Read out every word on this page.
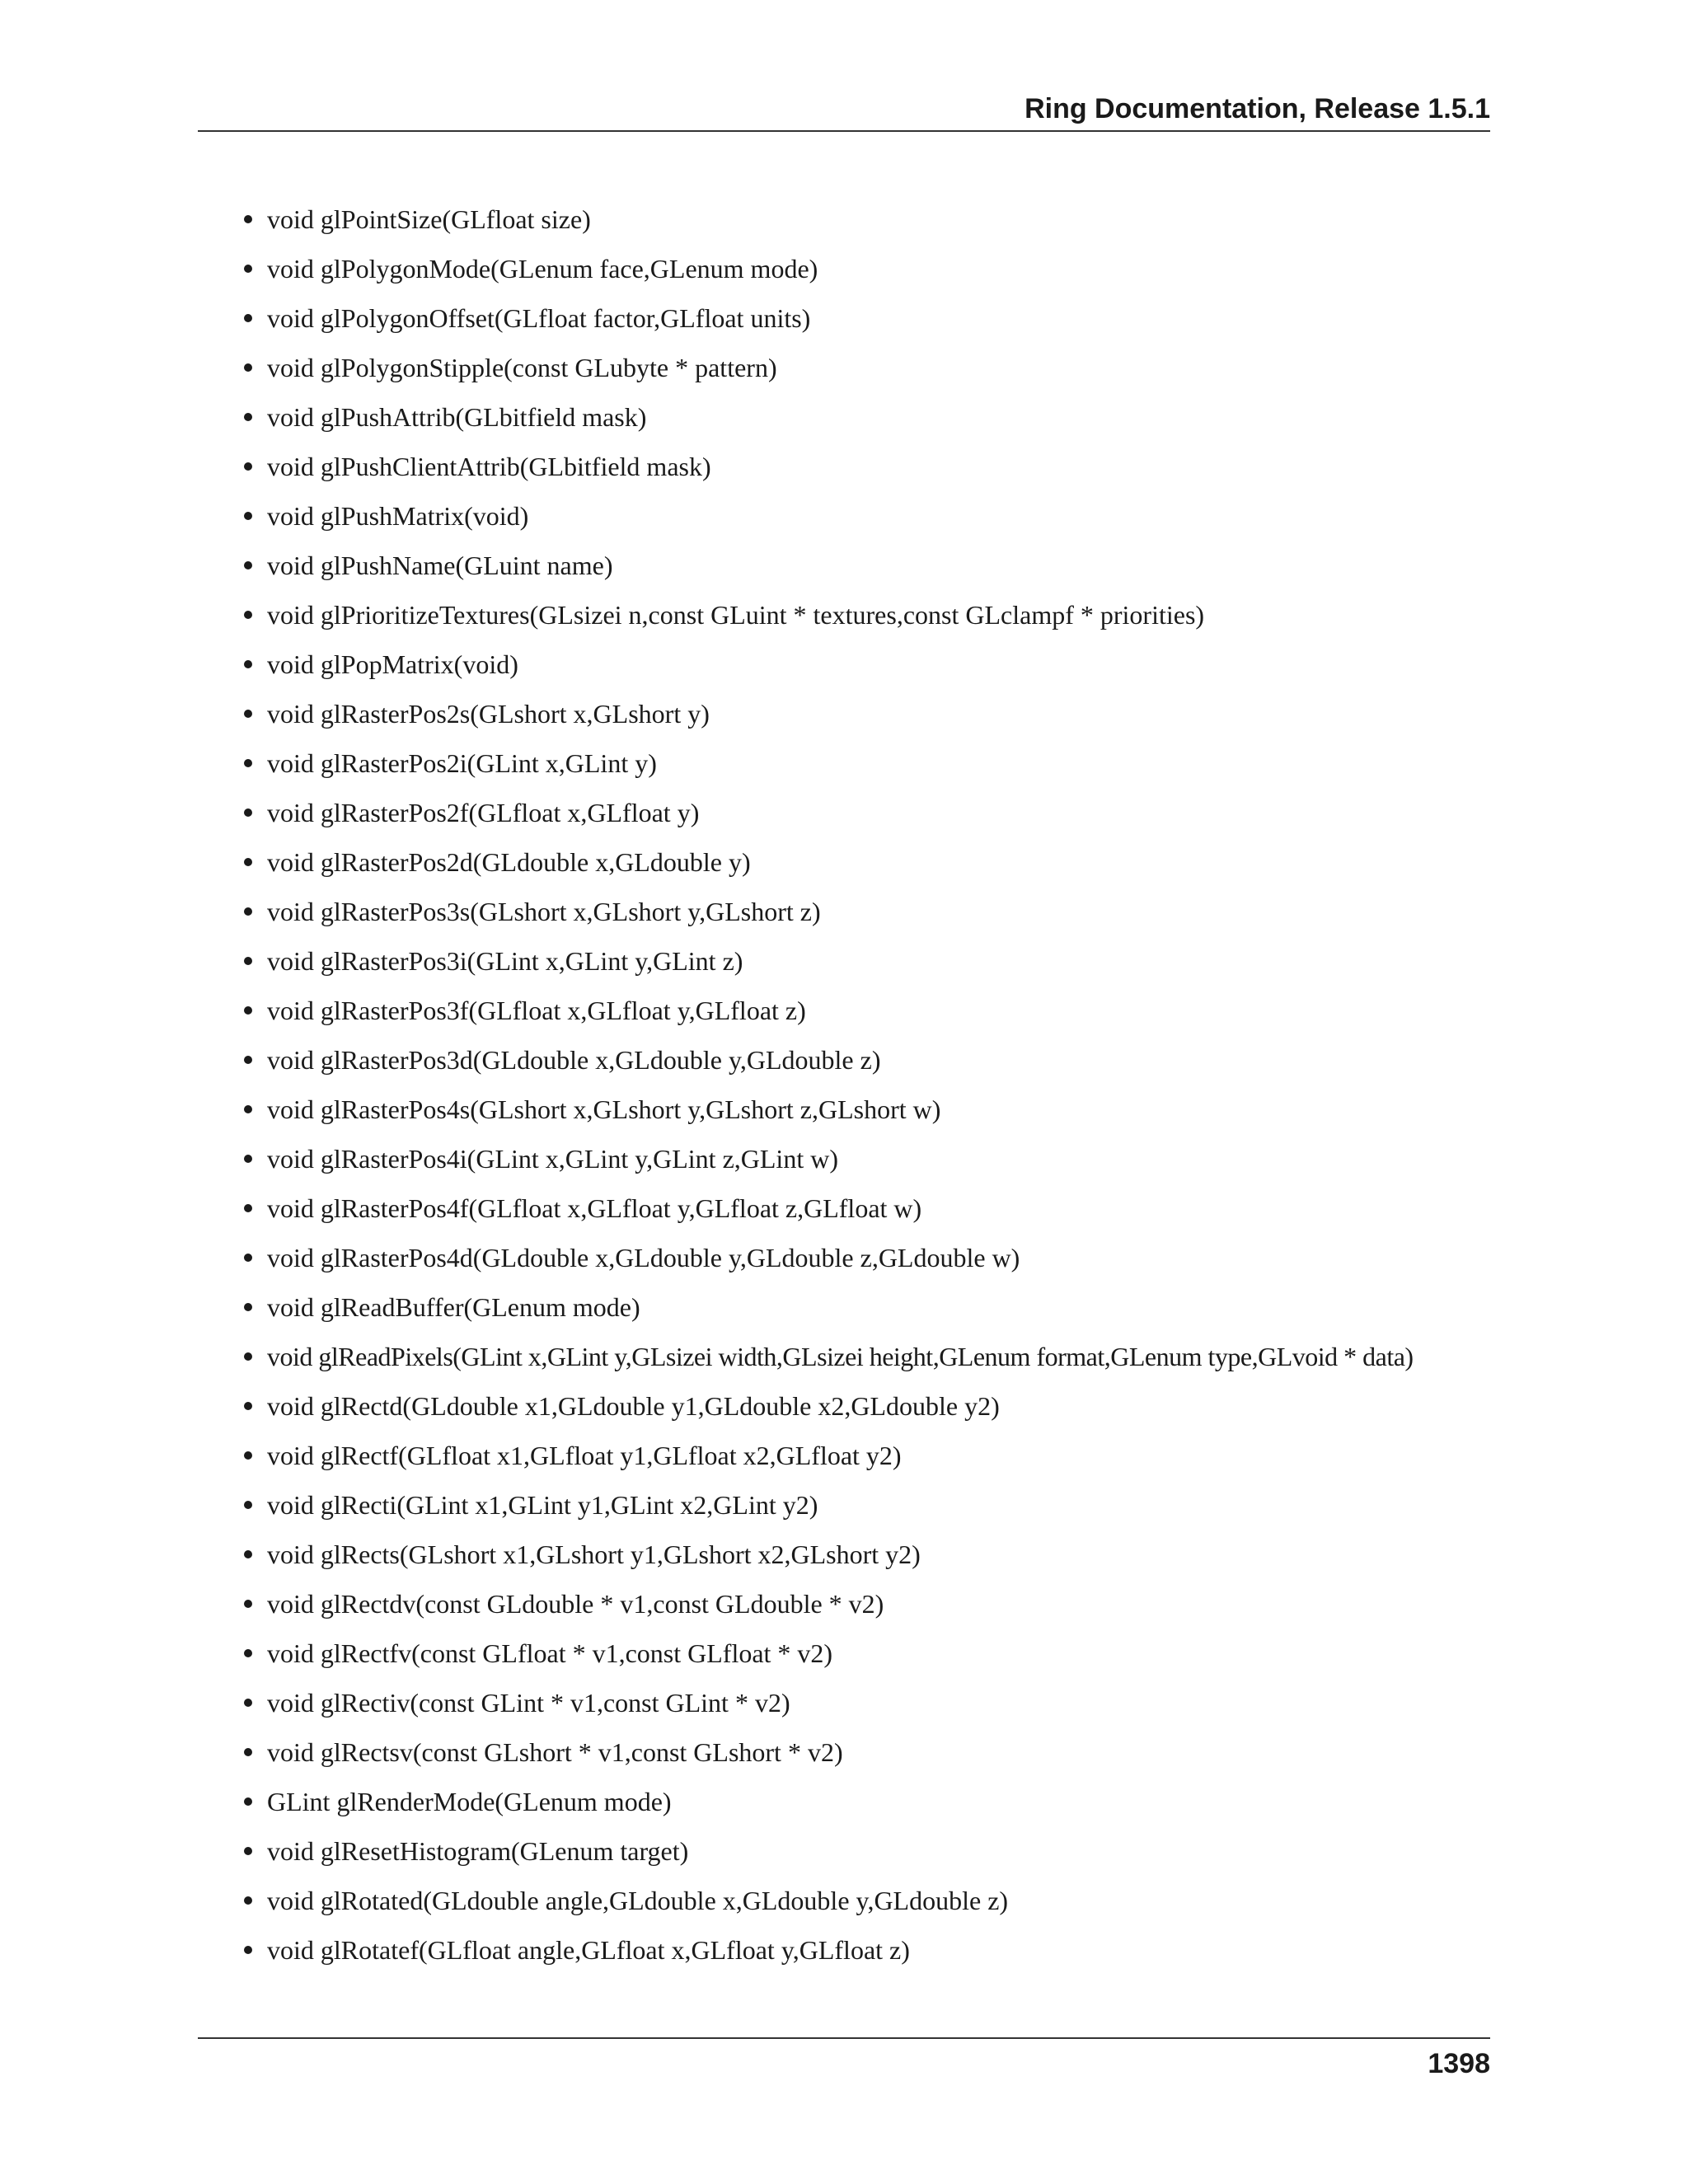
Ring Documentation, Release 1.5.1

void glPointSize(GLfloat size)
void glPolygonMode(GLenum face,GLenum mode)
void glPolygonOffset(GLfloat factor,GLfloat units)
void glPolygonStipple(const GLubyte * pattern)
void glPushAttrib(GLbitfield mask)
void glPushClientAttrib(GLbitfield mask)
void glPushMatrix(void)
void glPushName(GLuint name)
void glPrioritizeTextures(GLsizei n,const GLuint * textures,const GLclampf * priorities)
void glPopMatrix(void)
void glRasterPos2s(GLshort x,GLshort y)
void glRasterPos2i(GLint x,GLint y)
void glRasterPos2f(GLfloat x,GLfloat y)
void glRasterPos2d(GLdouble x,GLdouble y)
void glRasterPos3s(GLshort x,GLshort y,GLshort z)
void glRasterPos3i(GLint x,GLint y,GLint z)
void glRasterPos3f(GLfloat x,GLfloat y,GLfloat z)
void glRasterPos3d(GLdouble x,GLdouble y,GLdouble z)
void glRasterPos4s(GLshort x,GLshort y,GLshort z,GLshort w)
void glRasterPos4i(GLint x,GLint y,GLint z,GLint w)
void glRasterPos4f(GLfloat x,GLfloat y,GLfloat z,GLfloat w)
void glRasterPos4d(GLdouble x,GLdouble y,GLdouble z,GLdouble w)
void glReadBuffer(GLenum mode)
void glReadPixels(GLint x,GLint y,GLsizei width,GLsizei height,GLenum format,GLenum type,GLvoid * data)
void glRectd(GLdouble x1,GLdouble y1,GLdouble x2,GLdouble y2)
void glRectf(GLfloat x1,GLfloat y1,GLfloat x2,GLfloat y2)
void glRecti(GLint x1,GLint y1,GLint x2,GLint y2)
void glRects(GLshort x1,GLshort y1,GLshort x2,GLshort y2)
void glRectdv(const GLdouble * v1,const GLdouble * v2)
void glRectfv(const GLfloat * v1,const GLfloat * v2)
void glRectiv(const GLint * v1,const GLint * v2)
void glRectsv(const GLshort * v1,const GLshort * v2)
GLint glRenderMode(GLenum mode)
void glResetHistogram(GLenum target)
void glRotated(GLdouble angle,GLdouble x,GLdouble y,GLdouble z)
void glRotatef(GLfloat angle,GLfloat x,GLfloat y,GLfloat z)

1398
